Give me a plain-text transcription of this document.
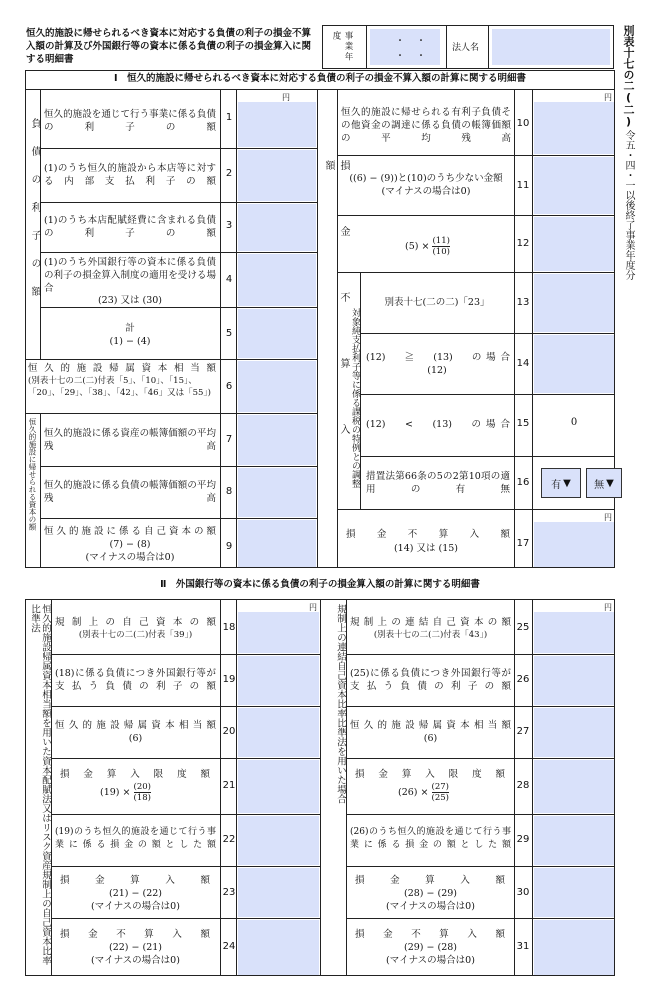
恒久的施設に帰せられるべき資本に対応する負債の利子の損金不算入額の計算及び外国銀行等の資本に係る負債の利子の損金算入に関する明細書	事業年度	・
・
・
・
法人名	別表十七の二(二)
令五・四・一以後終了事業年度分
Ⅰ　恒久的施設に帰せられるべき資本に対応する負債の利子の損金不算入額の計算に関する明細書
負債の利子の額
恒久的施設に帰せられる資本の額
円
恒久的施設を通じて行う事業に係る負債の利子の額
1
(1)のうち恒久的施設から本店等に対する内部支払利子の額
2
(1)のうち本店配賦経費に含まれる負債の利子の額
3
(1)のうち外国銀行等の資本に係る負債の利子の損金算入制度の適用を受ける場合
(23) 又は (30)
4
計
(1) − (4)
5
恒久的施設帰属資本相当額
(別表十七の二(二)付表「5」、「10」、「15」、「20」、「29」、「38」、「42」、「46」又は「55」)
6
恒久的施設に係る資産の帳簿価額の平均残高
7
恒久的施設に係る負債の帳簿価額の平均残高
8
恒久的施設に係る自己資本の額
(7) − (8)
(マイナスの場合は0)
9
損金不算入額
対象純支払利子等に係る課税の特例との調整
円
恒久的施設に帰せられる有利子負債その他資金の調達に係る負債の帳簿価額の平均残高
10
((6) − (9))と(10)のうち少ない金額
(マイナスの場合は0)
11
$(5) \times \frac{(11)}{(10)}$	12
別表十七(二の二)「23」	13
(12)　≧　(13)　の場合
(12)
14
(12)　<　(13)　の場合 15	0
措置法第66条の5の2第10項の適用の有無
16	有 ▼ 無 ▼
円
損金不算入額
(14) 又は (15)	17
Ⅱ　外国銀行等の資本に係る負債の利子の損金算入額の計算に関する明細書
恒久的施設帰属資本相当額を用いた資本配賦法又はリスク資産規制上の自己資本比率比準法	規制上の連結自己資本比率比準法を用いた場合
円	円
規制上の自己資本の額
(別表十七の二(二)付表「39」)
18
(18)に係る負債につき外国銀行等が支払う負債の利子の額
19
恒久的施設帰属資本相当額
(6)
20
損金算入限度額
$(19) \times \frac{(20)}{(18)}$	21
(19)のうち恒久的施設を通じて行う事業に係る損金の額とした額 22
損金算入額
(21) − (22)
(マイナスの場合は0)
23
損金不算入額
(22) − (21)
(マイナスの場合は0)
24
規制上の連結自己資本の額
(別表十七の二(二)付表「43」)
25
(25)に係る負債につき外国銀行等が支払う負債の利子の額
26
恒久的施設帰属資本相当額
(6)
27
損金算入限度額
$(26) \times \frac{(27)}{(25)}$	28
(26)のうち恒久的施設を通じて行う事業に係る損金の額とした額 29
損金算入額
(28) − (29)
(マイナスの場合は0)
30
損金不算入額
(29) − (28)
(マイナスの場合は0)
31
